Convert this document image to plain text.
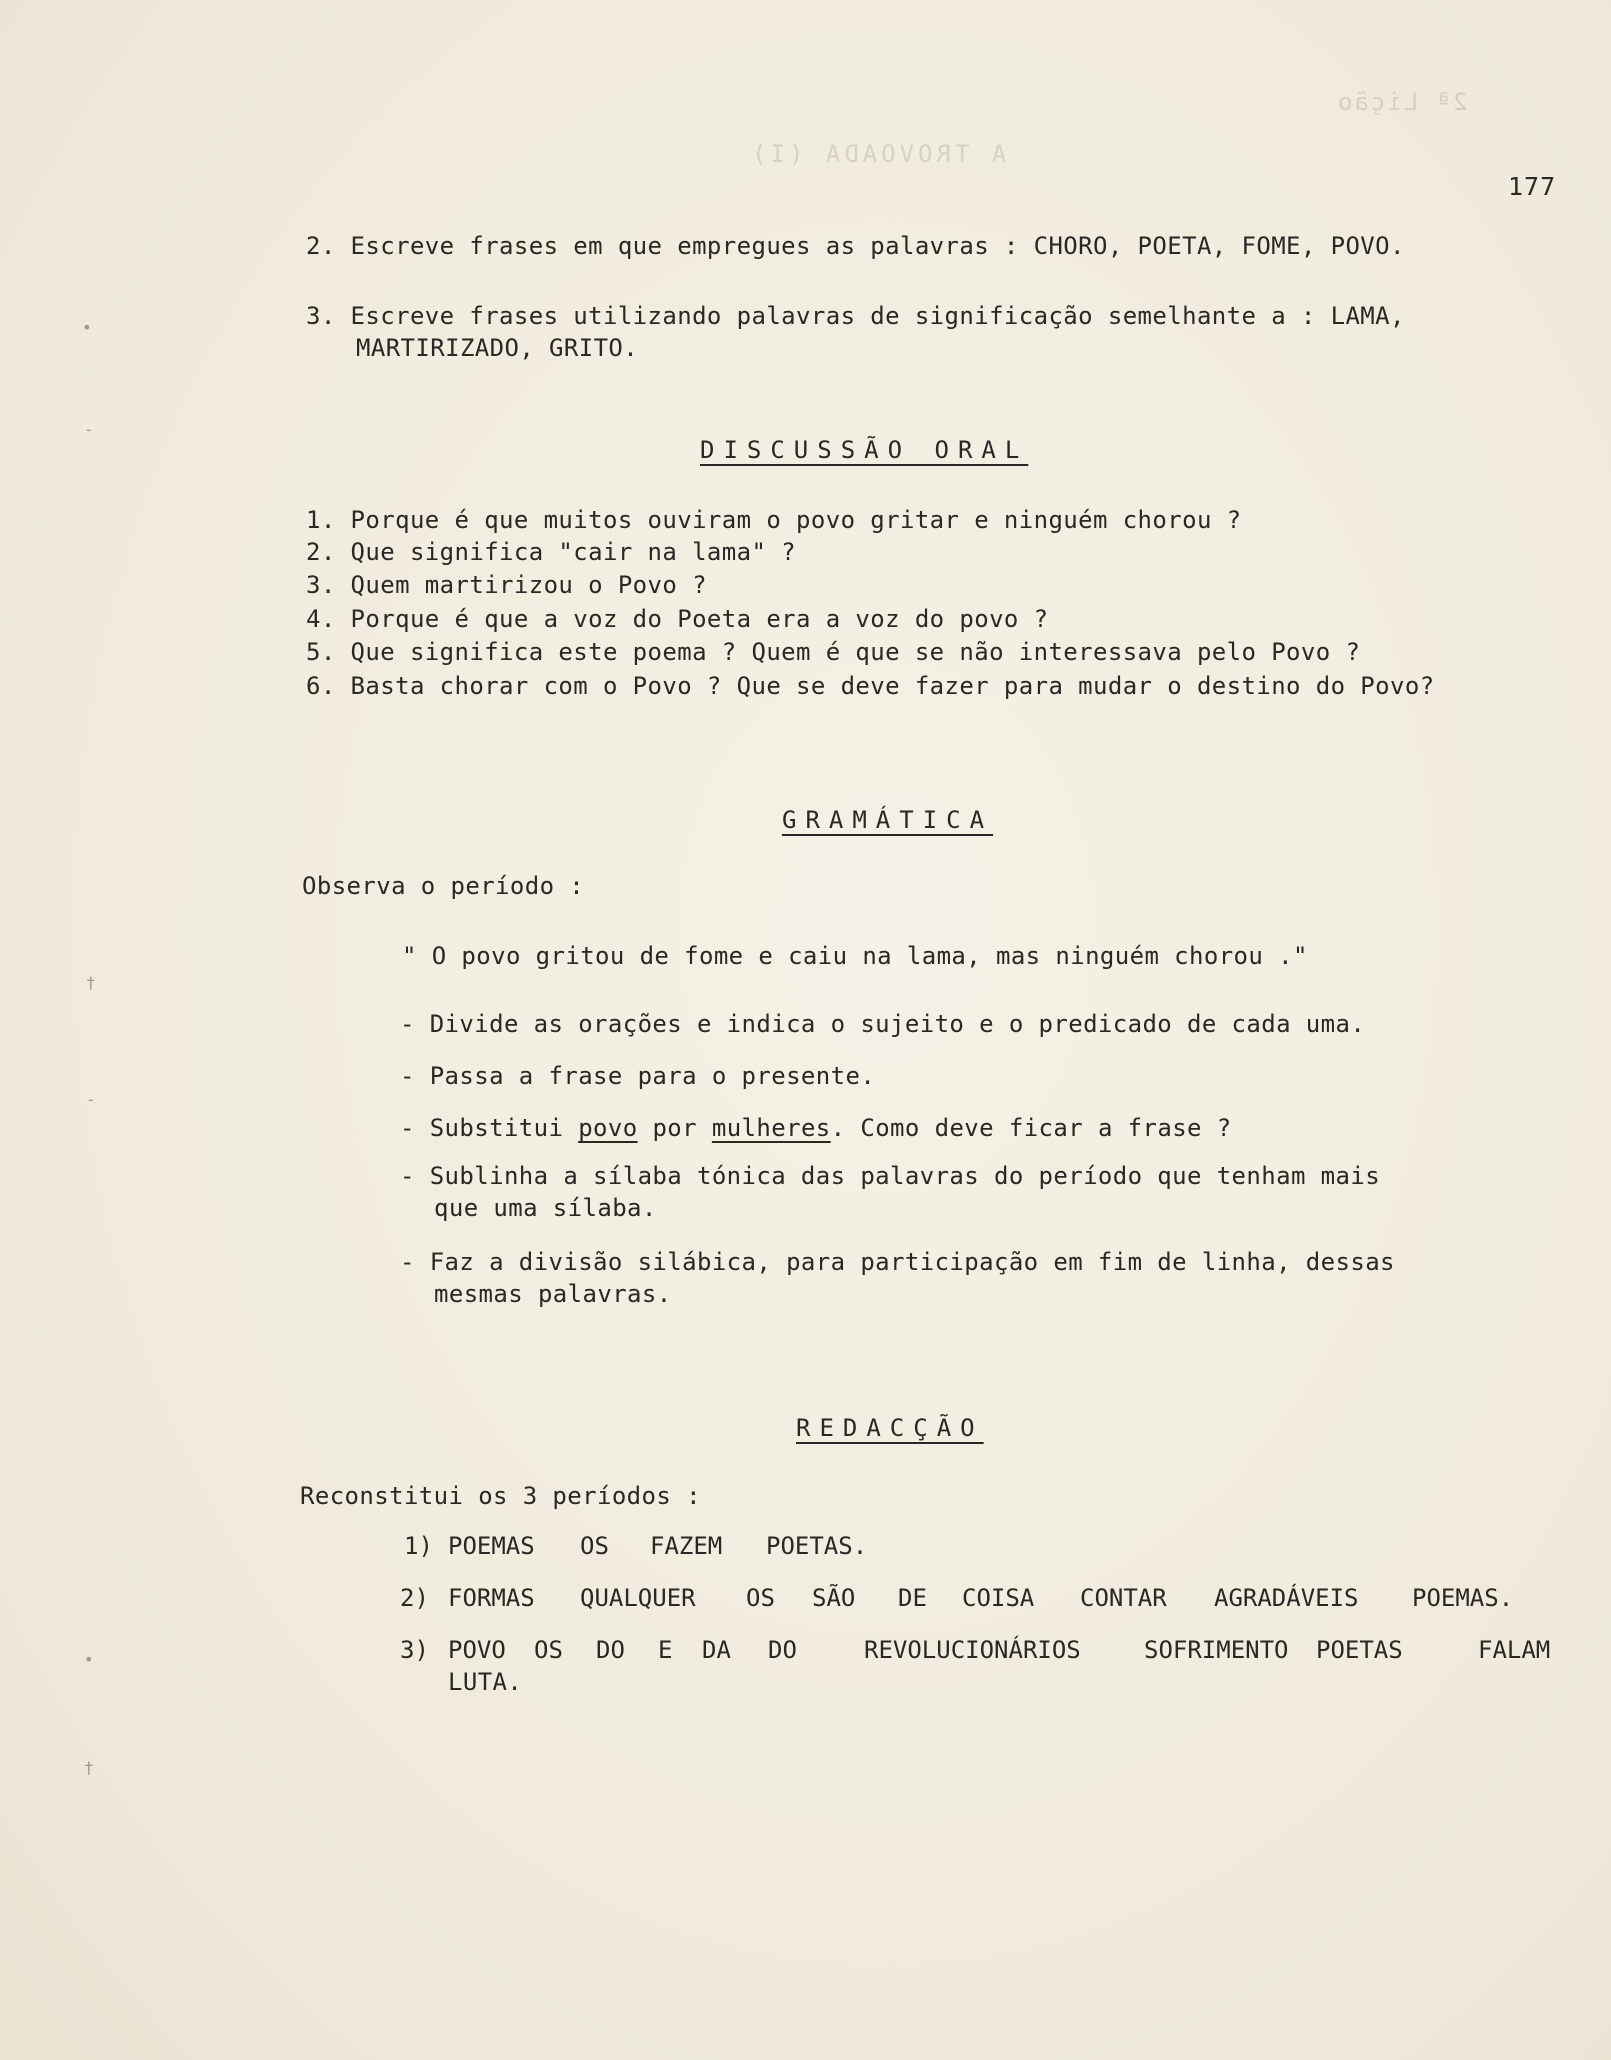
2ª Lição
A TROVOADA (I)
•
-
†
-
•
†
177
2. Escreve frases em que empregues as palavras : CHORO, POETA, FOME, POVO.
3. Escreve frases utilizando palavras de significação semelhante a : LAMA,
MARTIRIZADO, GRITO.
DISCUSSÃO ORAL
1. Porque é que muitos ouviram o povo gritar e ninguém chorou ?
2. Que significa "cair na lama" ?
3. Quem martirizou o Povo ?
4. Porque é que a voz do Poeta era a voz do povo ?
5. Que significa este poema ? Quem é que se não interessava pelo Povo ?
6. Basta chorar com o Povo ? Que se deve fazer para mudar o destino do Povo?
GRAMÁTICA
Observa o período :
" O povo gritou de fome e caiu na lama, mas ninguém chorou ."
- Divide as orações e indica o sujeito e o predicado de cada uma.
- Passa a frase para o presente.
- Substitui povo por mulheres. Como deve ficar a frase ?
- Sublinha a sílaba tónica das palavras do período que tenham mais
que uma sílaba.
- Faz a divisão silábica, para participação em fim de linha, dessas
mesmas palavras.
REDACÇÃO
Reconstitui os 3 períodos :
1) POEMAS OS FAZEM POETAS.
2) FORMAS QUALQUER OS SÃO DE COISA CONTAR AGRADÁVEIS POEMAS.
3) POVO OS DO E DA DO	REVOLUCIONÁRIOS	SOFRIMENTO POETAS	FALAM
LUTA.
